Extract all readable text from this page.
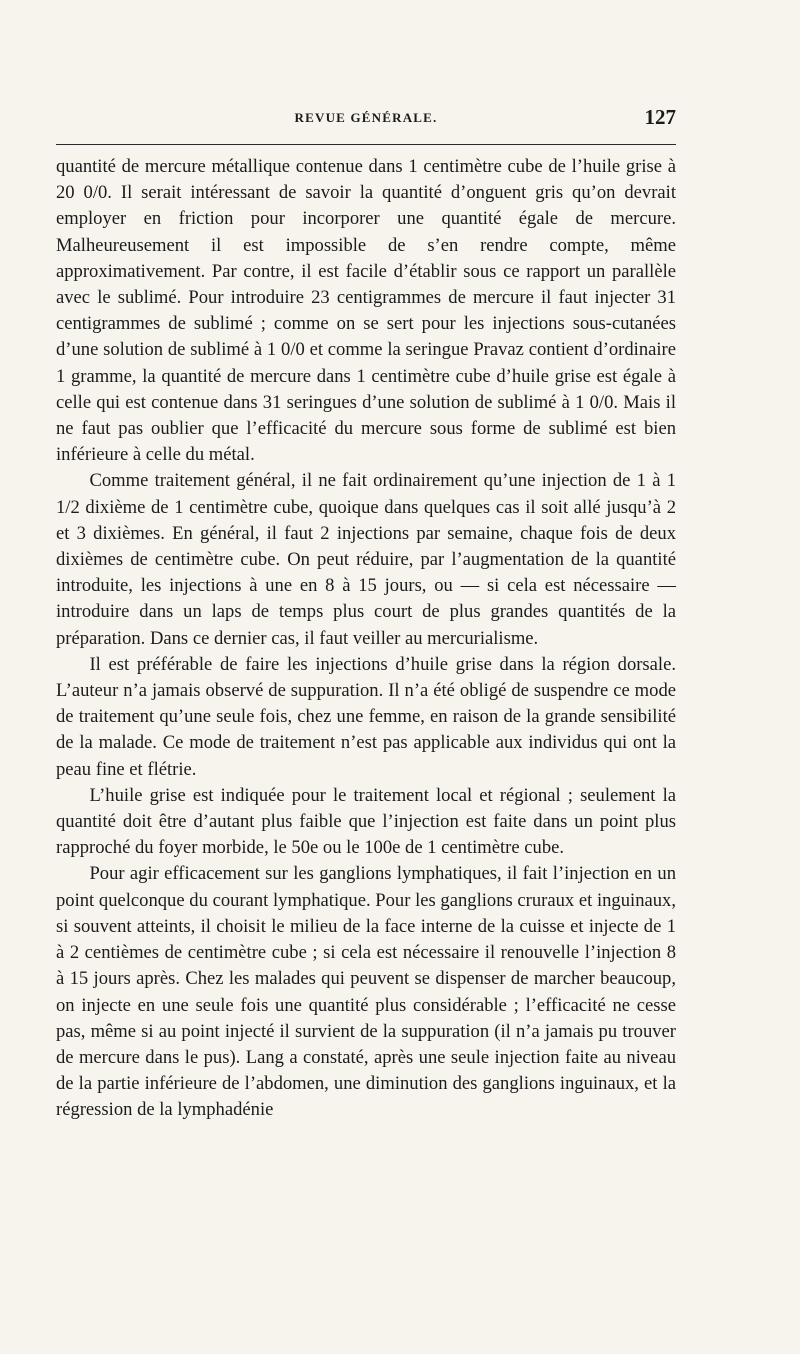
REVUE GÉNÉRALE.	127

quantité de mercure métallique contenue dans 1 centimètre cube de l’huile grise à 20 0/0. Il serait intéressant de savoir la quantité d’onguent gris qu’on devrait employer en friction pour incorporer une quantité égale de mercure. Malheureusement il est impossible de s’en rendre compte, même approximativement. Par contre, il est facile d’établir sous ce rapport un parallèle avec le sublimé. Pour introduire 23 centigrammes de mercure il faut injecter 31 centigrammes de sublimé ; comme on se sert pour les injections sous-cutanées d’une solution de sublimé à 1 0/0 et comme la seringue Pravaz contient d’ordinaire 1 gramme, la quantité de mercure dans 1 centimètre cube d’huile grise est égale à celle qui est contenue dans 31 seringues d’une solution de sublimé à 1 0/0. Mais il ne faut pas oublier que l’efficacité du mercure sous forme de sublimé est bien inférieure à celle du métal.

Comme traitement général, il ne fait ordinairement qu’une injection de 1 à 1 1/2 dixième de 1 centimètre cube, quoique dans quelques cas il soit allé jusqu’à 2 et 3 dixièmes. En général, il faut 2 injections par semaine, chaque fois de deux dixièmes de centimètre cube. On peut réduire, par l’augmentation de la quantité introduite, les injections à une en 8 à 15 jours, ou — si cela est nécessaire — introduire dans un laps de temps plus court de plus grandes quantités de la préparation. Dans ce dernier cas, il faut veiller au mercurialisme.

Il est préférable de faire les injections d’huile grise dans la région dorsale. L’auteur n’a jamais observé de suppuration. Il n’a été obligé de suspendre ce mode de traitement qu’une seule fois, chez une femme, en raison de la grande sensibilité de la malade. Ce mode de traitement n’est pas applicable aux individus qui ont la peau fine et flétrie.

L’huile grise est indiquée pour le traitement local et régional ; seulement la quantité doit être d’autant plus faible que l’injection est faite dans un point plus rapproché du foyer morbide, le 50e ou le 100e de 1 centimètre cube.

Pour agir efficacement sur les ganglions lymphatiques, il fait l’injection en un point quelconque du courant lymphatique. Pour les ganglions cruraux et inguinaux, si souvent atteints, il choisit le milieu de la face interne de la cuisse et injecte de 1 à 2 centièmes de centimètre cube ; si cela est nécessaire il renouvelle l’injection 8 à 15 jours après. Chez les malades qui peuvent se dispenser de marcher beaucoup, on injecte en une seule fois une quantité plus considérable ; l’efficacité ne cesse pas, même si au point injecté il survient de la suppuration (il n’a jamais pu trouver de mercure dans le pus). Lang a constaté, après une seule injection faite au niveau de la partie inférieure de l’abdomen, une diminution des ganglions inguinaux, et la régression de la lymphadénie
